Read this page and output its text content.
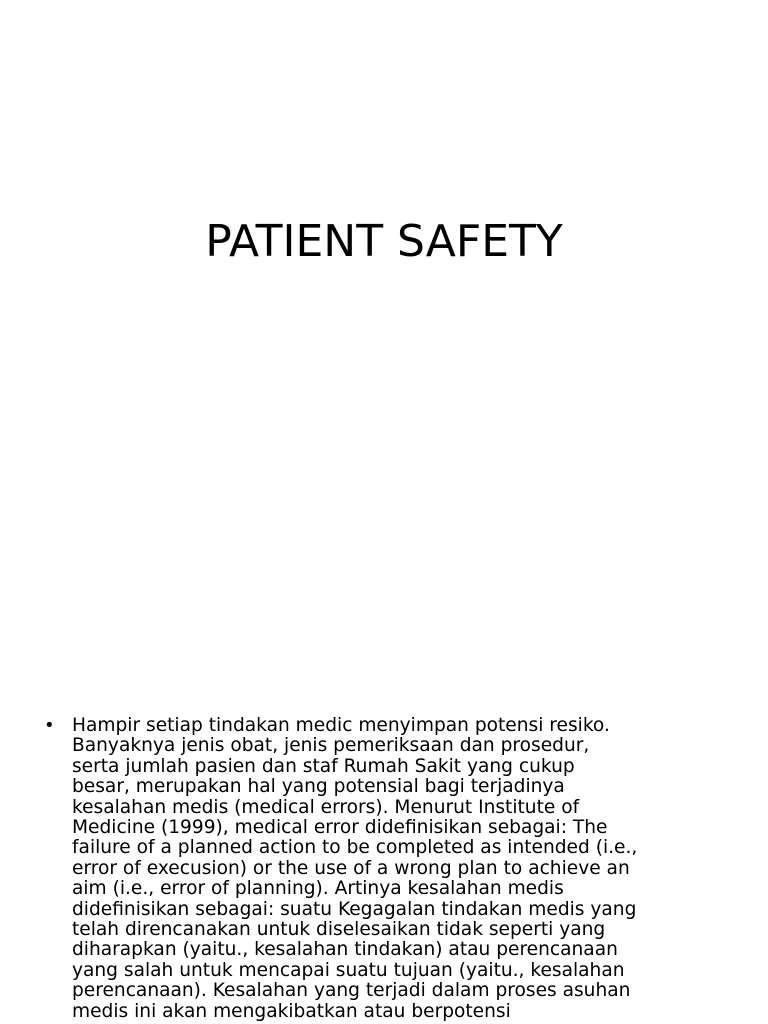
PATIENT SAFETY
• Hampir setiap tindakan medic menyimpan potensi resiko.
Banyaknya jenis obat, jenis pemeriksaan dan prosedur,
serta jumlah pasien dan staf Rumah Sakit yang cukup
besar, merupakan hal yang potensial bagi terjadinya
kesalahan medis (medical errors). Menurut Institute of
Medicine (1999), medical error didefinisikan sebagai: The
failure of a planned action to be completed as intended (i.e.,
error of execusion) or the use of a wrong plan to achieve an
aim (i.e., error of planning). Artinya kesalahan medis
didefinisikan sebagai: suatu Kegagalan tindakan medis yang
telah direncanakan untuk diselesaikan tidak seperti yang
diharapkan (yaitu., kesalahan tindakan) atau perencanaan
yang salah untuk mencapai suatu tujuan (yaitu., kesalahan
perencanaan). Kesalahan yang terjadi dalam proses asuhan
medis ini akan mengakibatkan atau berpotensi
